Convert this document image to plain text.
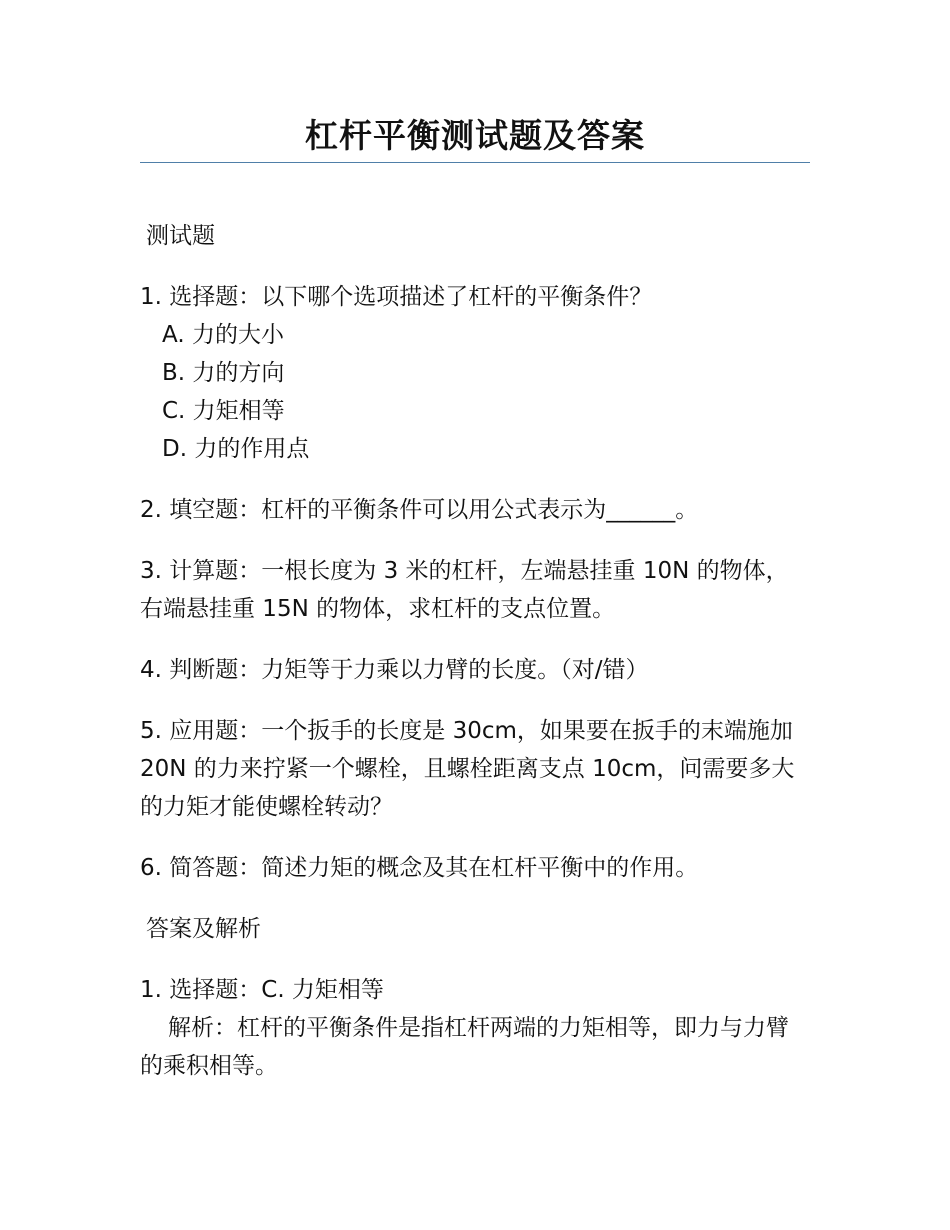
杠杆平衡测试题及答案
测试题
1. 选择题：以下哪个选项描述了杠杆的平衡条件？
A. 力的大小
B. 力的方向
C. 力矩相等
D. 力的作用点
2. 填空题：杠杆的平衡条件可以用公式表示为______。
3. 计算题：一根长度为 3 米的杠杆，左端悬挂重 10N 的物体，右端悬挂重 15N 的物体，求杠杆的支点位置。
4. 判断题：力矩等于力乘以力臂的长度。（对/错）
5. 应用题：一个扳手的长度是 30cm，如果要在扳手的末端施加 20N 的力来拧紧一个螺栓，且螺栓距离支点 10cm，问需要多大的力矩才能使螺栓转动？
6. 简答题：简述力矩的概念及其在杠杆平衡中的作用。
答案及解析
1. 选择题：C. 力矩相等
解析：杠杆的平衡条件是指杠杆两端的力矩相等，即力与力臂的乘积相等。
